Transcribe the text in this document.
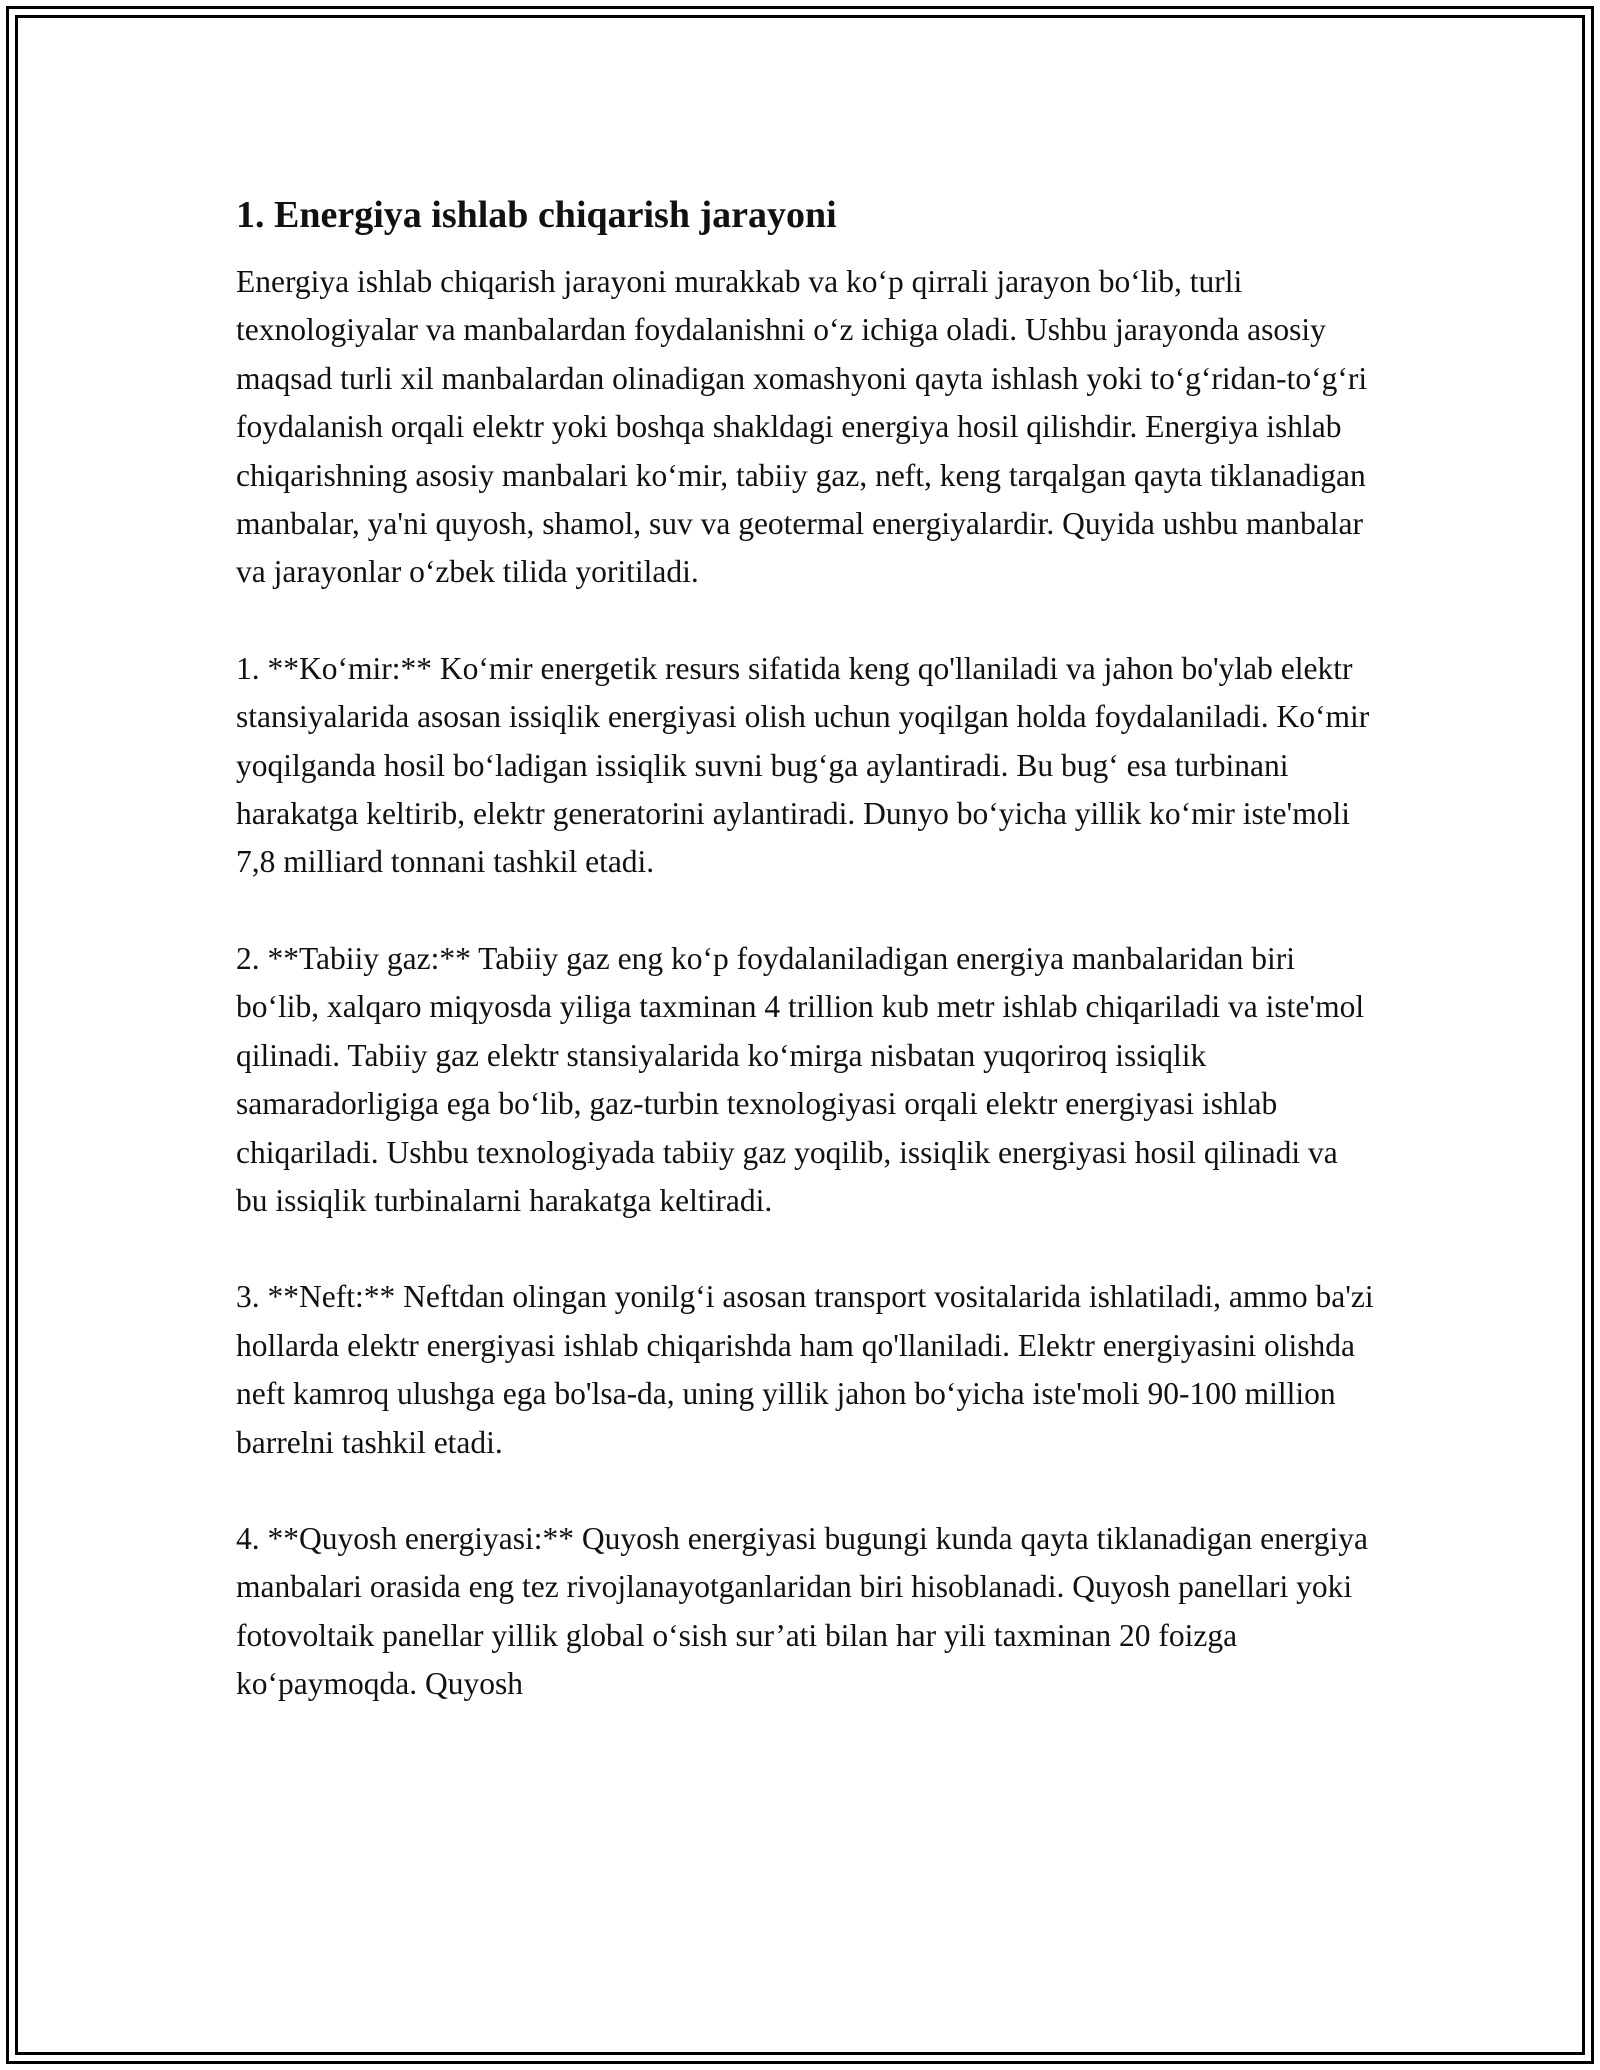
1. Energiya ishlab chiqarish jarayoni

Energiya ishlab chiqarish jarayoni murakkab va ko‘p qirrali jarayon bo‘lib, turli texnologiyalar va manbalardan foydalanishni o‘z ichiga oladi. Ushbu jarayonda asosiy maqsad turli xil manbalardan olinadigan xomashyoni qayta ishlash yoki to‘g‘ridan-to‘g‘ri foydalanish orqali elektr yoki boshqa shakldagi energiya hosil qilishdir. Energiya ishlab chiqarishning asosiy manbalari ko‘mir, tabiiy gaz, neft, keng tarqalgan qayta tiklanadigan manbalar, ya'ni quyosh, shamol, suv va geotermal energiyalardir. Quyida ushbu manbalar va jarayonlar o‘zbek tilida yoritiladi.

1. **Ko‘mir:** Ko‘mir energetik resurs sifatida keng qo'llaniladi va jahon bo'ylab elektr stansiyalarida asosan issiqlik energiyasi olish uchun yoqilgan holda foydalaniladi. Ko‘mir yoqilganda hosil bo‘ladigan issiqlik suvni bug‘ga aylantiradi. Bu bug‘ esa turbinani harakatga keltirib, elektr generatorini aylantiradi. Dunyo bo‘yicha yillik ko‘mir iste'moli 7,8 milliard tonnani tashkil etadi.

2. **Tabiiy gaz:** Tabiiy gaz eng ko‘p foydalaniladigan energiya manbalaridan biri bo‘lib, xalqaro miqyosda yiliga taxminan 4 trillion kub metr ishlab chiqariladi va iste'mol qilinadi. Tabiiy gaz elektr stansiyalarida ko‘mirga nisbatan yuqoriroq issiqlik samaradorligiga ega bo‘lib, gaz-turbin texnologiyasi orqali elektr energiyasi ishlab chiqariladi. Ushbu texnologiyada tabiiy gaz yoqilib, issiqlik energiyasi hosil qilinadi va bu issiqlik turbinalarni harakatga keltiradi.

3. **Neft:** Neftdan olingan yonilg‘i asosan transport vositalarida ishlatiladi, ammo ba'zi hollarda elektr energiyasi ishlab chiqarishda ham qo'llaniladi. Elektr energiyasini olishda neft kamroq ulushga ega bo'lsa-da, uning yillik jahon bo‘yicha iste'moli 90-100 million barrelni tashkil etadi.

4. **Quyosh energiyasi:** Quyosh energiyasi bugungi kunda qayta tiklanadigan energiya manbalari orasida eng tez rivojlanayotganlaridan biri hisoblanadi. Quyosh panellari yoki fotovoltaik panellar yillik global o‘sish sur’ati bilan har yili taxminan 20 foizga ko‘paymoqda. Quyosh
